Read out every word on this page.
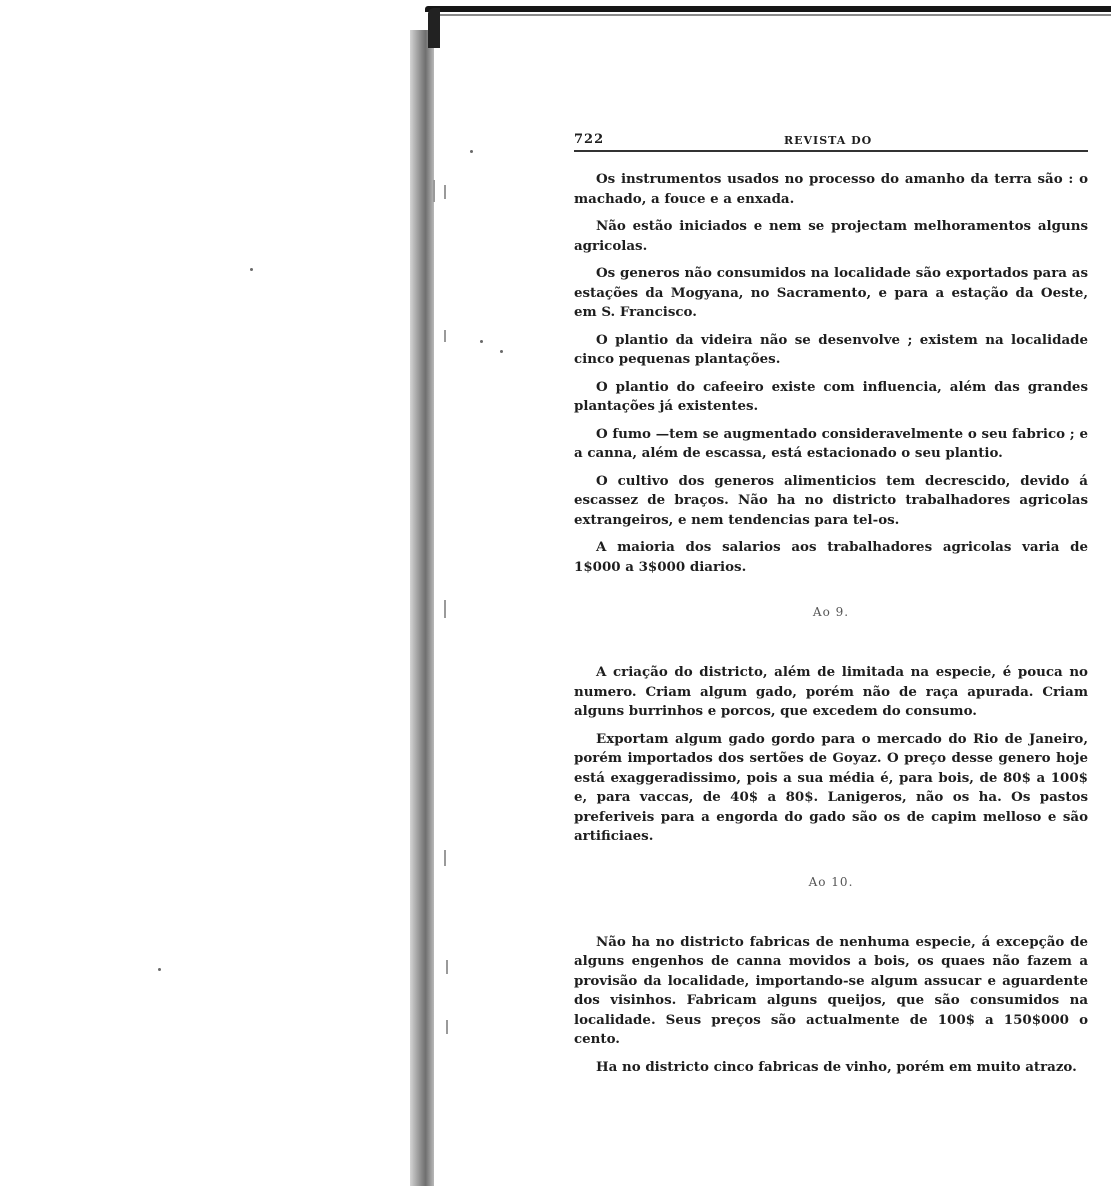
722	REVISTA DO

Os instrumentos usados no processo do amanho da terra são : o machado, a fouce e a enxada.

Não estão iniciados e nem se projectam melhoramentos alguns agricolas.

Os generos não consumidos na localidade são exportados para as estações da Mogyana, no Sacramento, e para a estação da Oeste, em S. Francisco.

O plantio da videira não se desenvolve ; existem na localidade cinco pequenas plantações.

O plantio do cafeeiro existe com influencia, além das grandes plantações já existentes.

O fumo —tem se augmentado consideravelmente o seu fabrico ; e a canna, além de escassa, está estacionado o seu plantio.

O cultivo dos generos alimenticios tem decrescido, devido á escassez de braços. Não ha no districto trabalhadores agricolas extrangeiros, e nem tendencias para tel-os.

A maioria dos salarios aos trabalhadores agricolas varia de 1$000 a 3$000 diarios.

Ao 9.

A criação do districto, além de limitada na especie, é pouca no numero. Criam algum gado, porém não de raça apurada. Criam alguns burrinhos e porcos, que excedem do consumo.

Exportam algum gado gordo para o mercado do Rio de Janeiro, porém importados dos sertões de Goyaz. O preço desse genero hoje está exaggeradissimo, pois a sua média é, para bois, de 80$ a 100$ e, para vaccas, de 40$ a 80$. Lanigeros, não os ha. Os pastos preferiveis para a engorda do gado são os de capim melloso e são artificiaes.

Ao 10.

Não ha no districto fabricas de nenhuma especie, á excepção de alguns engenhos de canna movidos a bois, os quaes não fazem a provisão da localidade, importando-se algum assucar e aguardente dos visinhos. Fabricam alguns queijos, que são consumidos na localidade. Seus preços são actualmente de 100$ a 150$000 o cento.

Ha no districto cinco fabricas de vinho, porém em muito atrazo.
